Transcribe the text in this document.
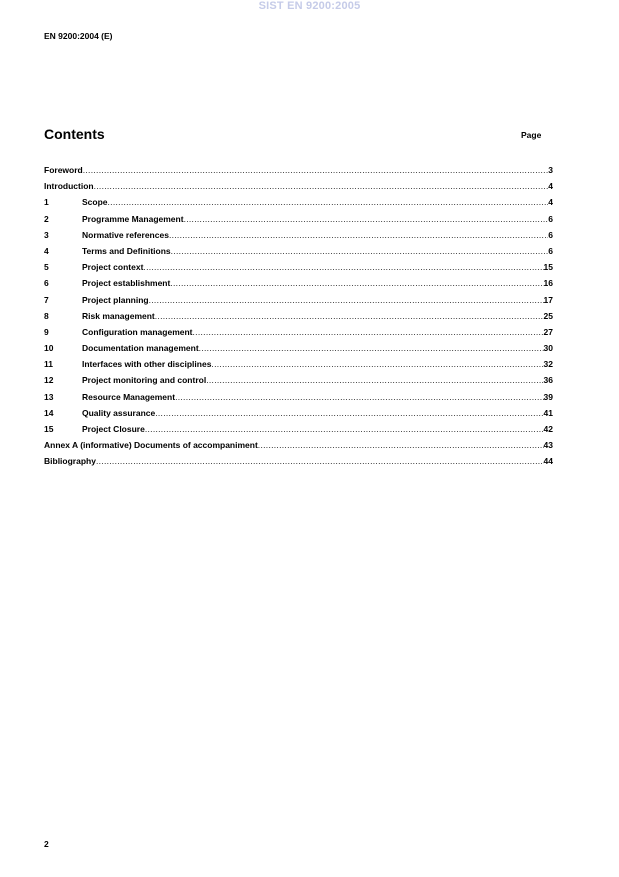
SIST EN 9200:2005
EN 9200:2004 (E)
Contents	Page
Foreword .....	3
Introduction .....	4
1	Scope .....	4
2	Programme Management .....	6
3	Normative references .....	6
4	Terms and Definitions .....	6
5	Project context .....	15
6	Project establishment .....	16
7	Project planning .....	17
8	Risk management .....	25
9	Configuration management .....	27
10	Documentation management .....	30
11	Interfaces with other disciplines .....	32
12	Project monitoring and control .....	36
13	Resource Management .....	39
14	Quality assurance .....	41
15	Project Closure .....	42
Annex A (informative) Documents of accompaniment .....	43
Bibliography .....	44
2
